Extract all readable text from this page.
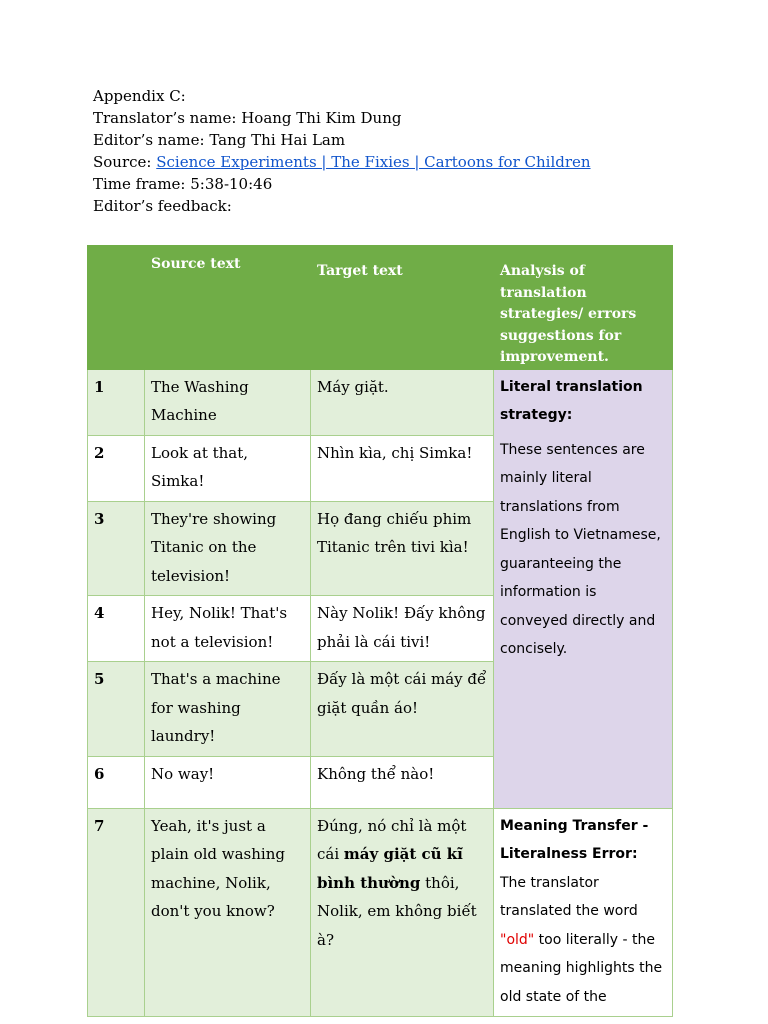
Appendix C:
Translator’s name: Hoang Thi Kim Dung
Editor’s name: Tang Thi Hai Lam
Source: Science Experiments | The Fixies | Cartoons for Children
Time frame: 5:38-10:46
Editor’s feedback:
	Source text	Target text	Analysis of translation strategies/ errors suggestions for improvement.
1	The Washing Machine	Máy giặt.	Literal translation strategy:
These sentences are mainly literal translations from English to Vietnamese, guaranteeing the information is conveyed directly and concisely.

2	Look at that, Simka!	Nhìn kìa, chị Simka!	
3	They're showing Titanic on the television!	Họ đang chiếu phim Titanic trên tivi kìa!	
4	Hey, Nolik! That's not a television!	Này Nolik! Đấy không phải là cái tivi!	
5	That's a machine for washing laundry!	Đấy là một cái máy để giặt quần áo!	
6	No way!	Không thể nào!	
7	Yeah, it's just a plain old washing machine, Nolik, don't you know?	Đúng, nó chỉ là một cái máy giặt cũ kĩ bình thường thôi, Nolik, em không biết à?	Meaning Transfer - Literalness Error: The translator translated the word "old" too literally - the meaning highlights the old state of the
